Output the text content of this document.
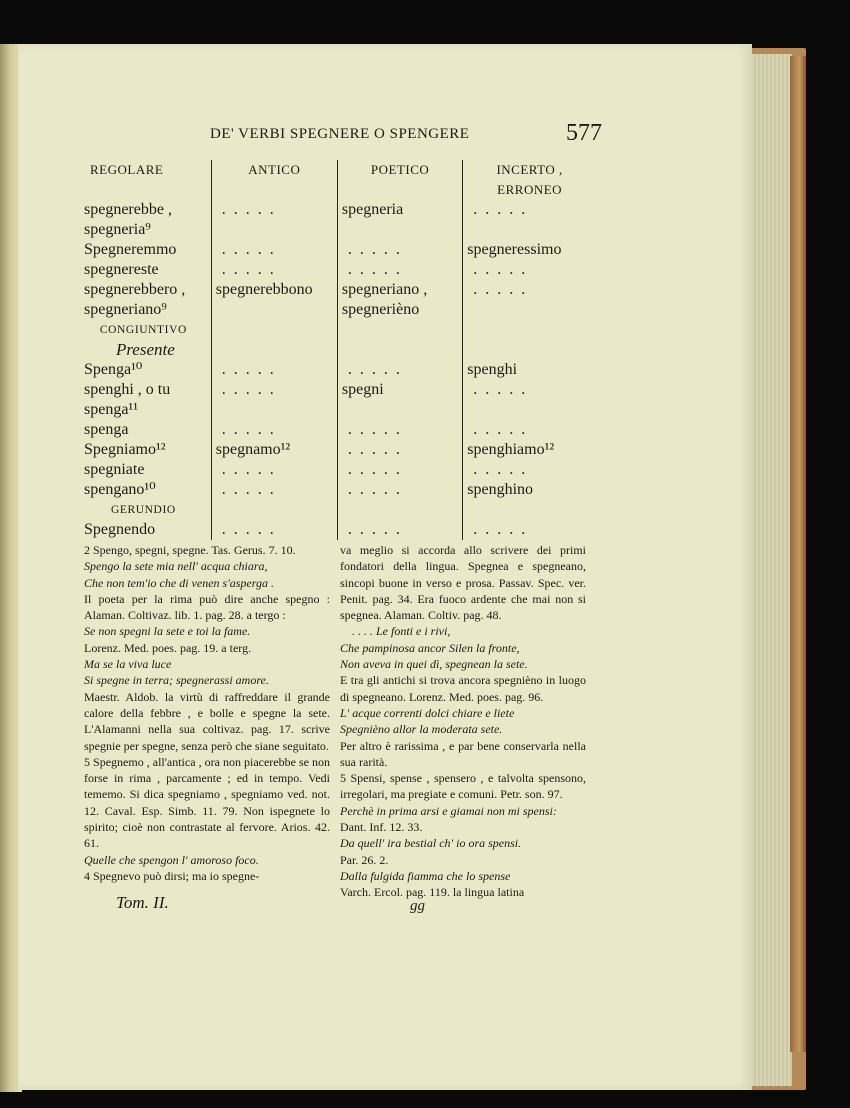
DE' VERBI SPEGNERE O SPENGERE	577
REGOLARE	ANTICO	POETICO	INCERTO , ERRONEO
spegnerebbe ,	.....	spegneria	.....
spegneria⁹			
Spegneremmo	.....	.....	spegneressimo
spegnereste	.....	.....	.....
spegnerebbero ,	spegnerebbono	spegneriano ,	.....
spegneriano⁹		spegnerièno	
CONGIUNTIVO			
Presente			
Spenga¹⁰	.....	.....	spenghi
spenghi , o tu	.....	spegni	.....
spenga¹¹			
spenga	.....	.....	.....
Spegniamo¹²	spegnamo¹²	.....	spenghiamo¹²
spegniate	.....	.....	.....
spengano¹⁰	.....	.....	spenghino
GERUNDIO			
Spegnendo	.....	.....	.....

2 Spengo, spegni, spegne. Tas. Gerus. 7. 10.

Spengo la sete mia nell' acqua chiara,

Che non tem'io che di venen s'asperga .

Il poeta per la rima può dire anche spegno : Alaman. Coltivaz. lib. 1. pag. 28. a tergo :

Se non spegni la sete e toi la fame.

Lorenz. Med. poes. pag. 19. a terg.

Ma se la viva luce

Si spegne in terra; spegnerassi amore.

Maestr. Aldob. la virtù di raffreddare il grande calore della febbre , e bolle e spegne la sete. L'Alamanni nella sua coltivaz. pag. 17. scrive spegnie per spegne, senza però che siane seguitato.

5 Spegnemo , all'antica , ora non piacerebbe se non forse in rima , parcamente ; ed in tempo. Vedi tememo. Si dica spegniamo , spegniamo ved. not. 12. Caval. Esp. Simb. 11. 79. Non ispegnete lo spirito; cioè non contrastate al fervore. Arios. 42. 61.

Quelle che spengon l' amoroso foco.

4 Spegnevo può dirsi; ma io spegne-

va meglio si accorda allo scrivere dei primi fondatori della lingua. Spegnea e spegneano, sincopi buone in verso e prosa. Passav. Spec. ver. Penit. pag. 34. Era fuoco ardente che mai non si spegnea. Alaman. Coltiv. pag. 48.

. . . . Le fonti e i rivi,

Che pampinosa ancor Silen la fronte,

Non aveva in quei dì, spegnean la sete.

E tra gli antichi si trova ancora spegnièno in luogo di spegneano. Lorenz. Med. poes. pag. 96.

L' acque correnti dolci chiare e liete

Spegnièno allor la moderata sete.

Per altro è rarissima , e par bene conservarla nella sua rarità.

5 Spensi, spense , spensero , e talvolta spensono, irregolari, ma pregiate e comuni. Petr. son. 97.

Perchè in prima arsi e giamai non mi spensi:

Dant. Inf. 12. 33.

Da quell' ira bestial ch' io ora spensi.

Par. 26. 2.

Dalla fulgida fiamma che lo spense

Varch. Ercol. pag. 119. la lingua latina

Tom. II.	gg
